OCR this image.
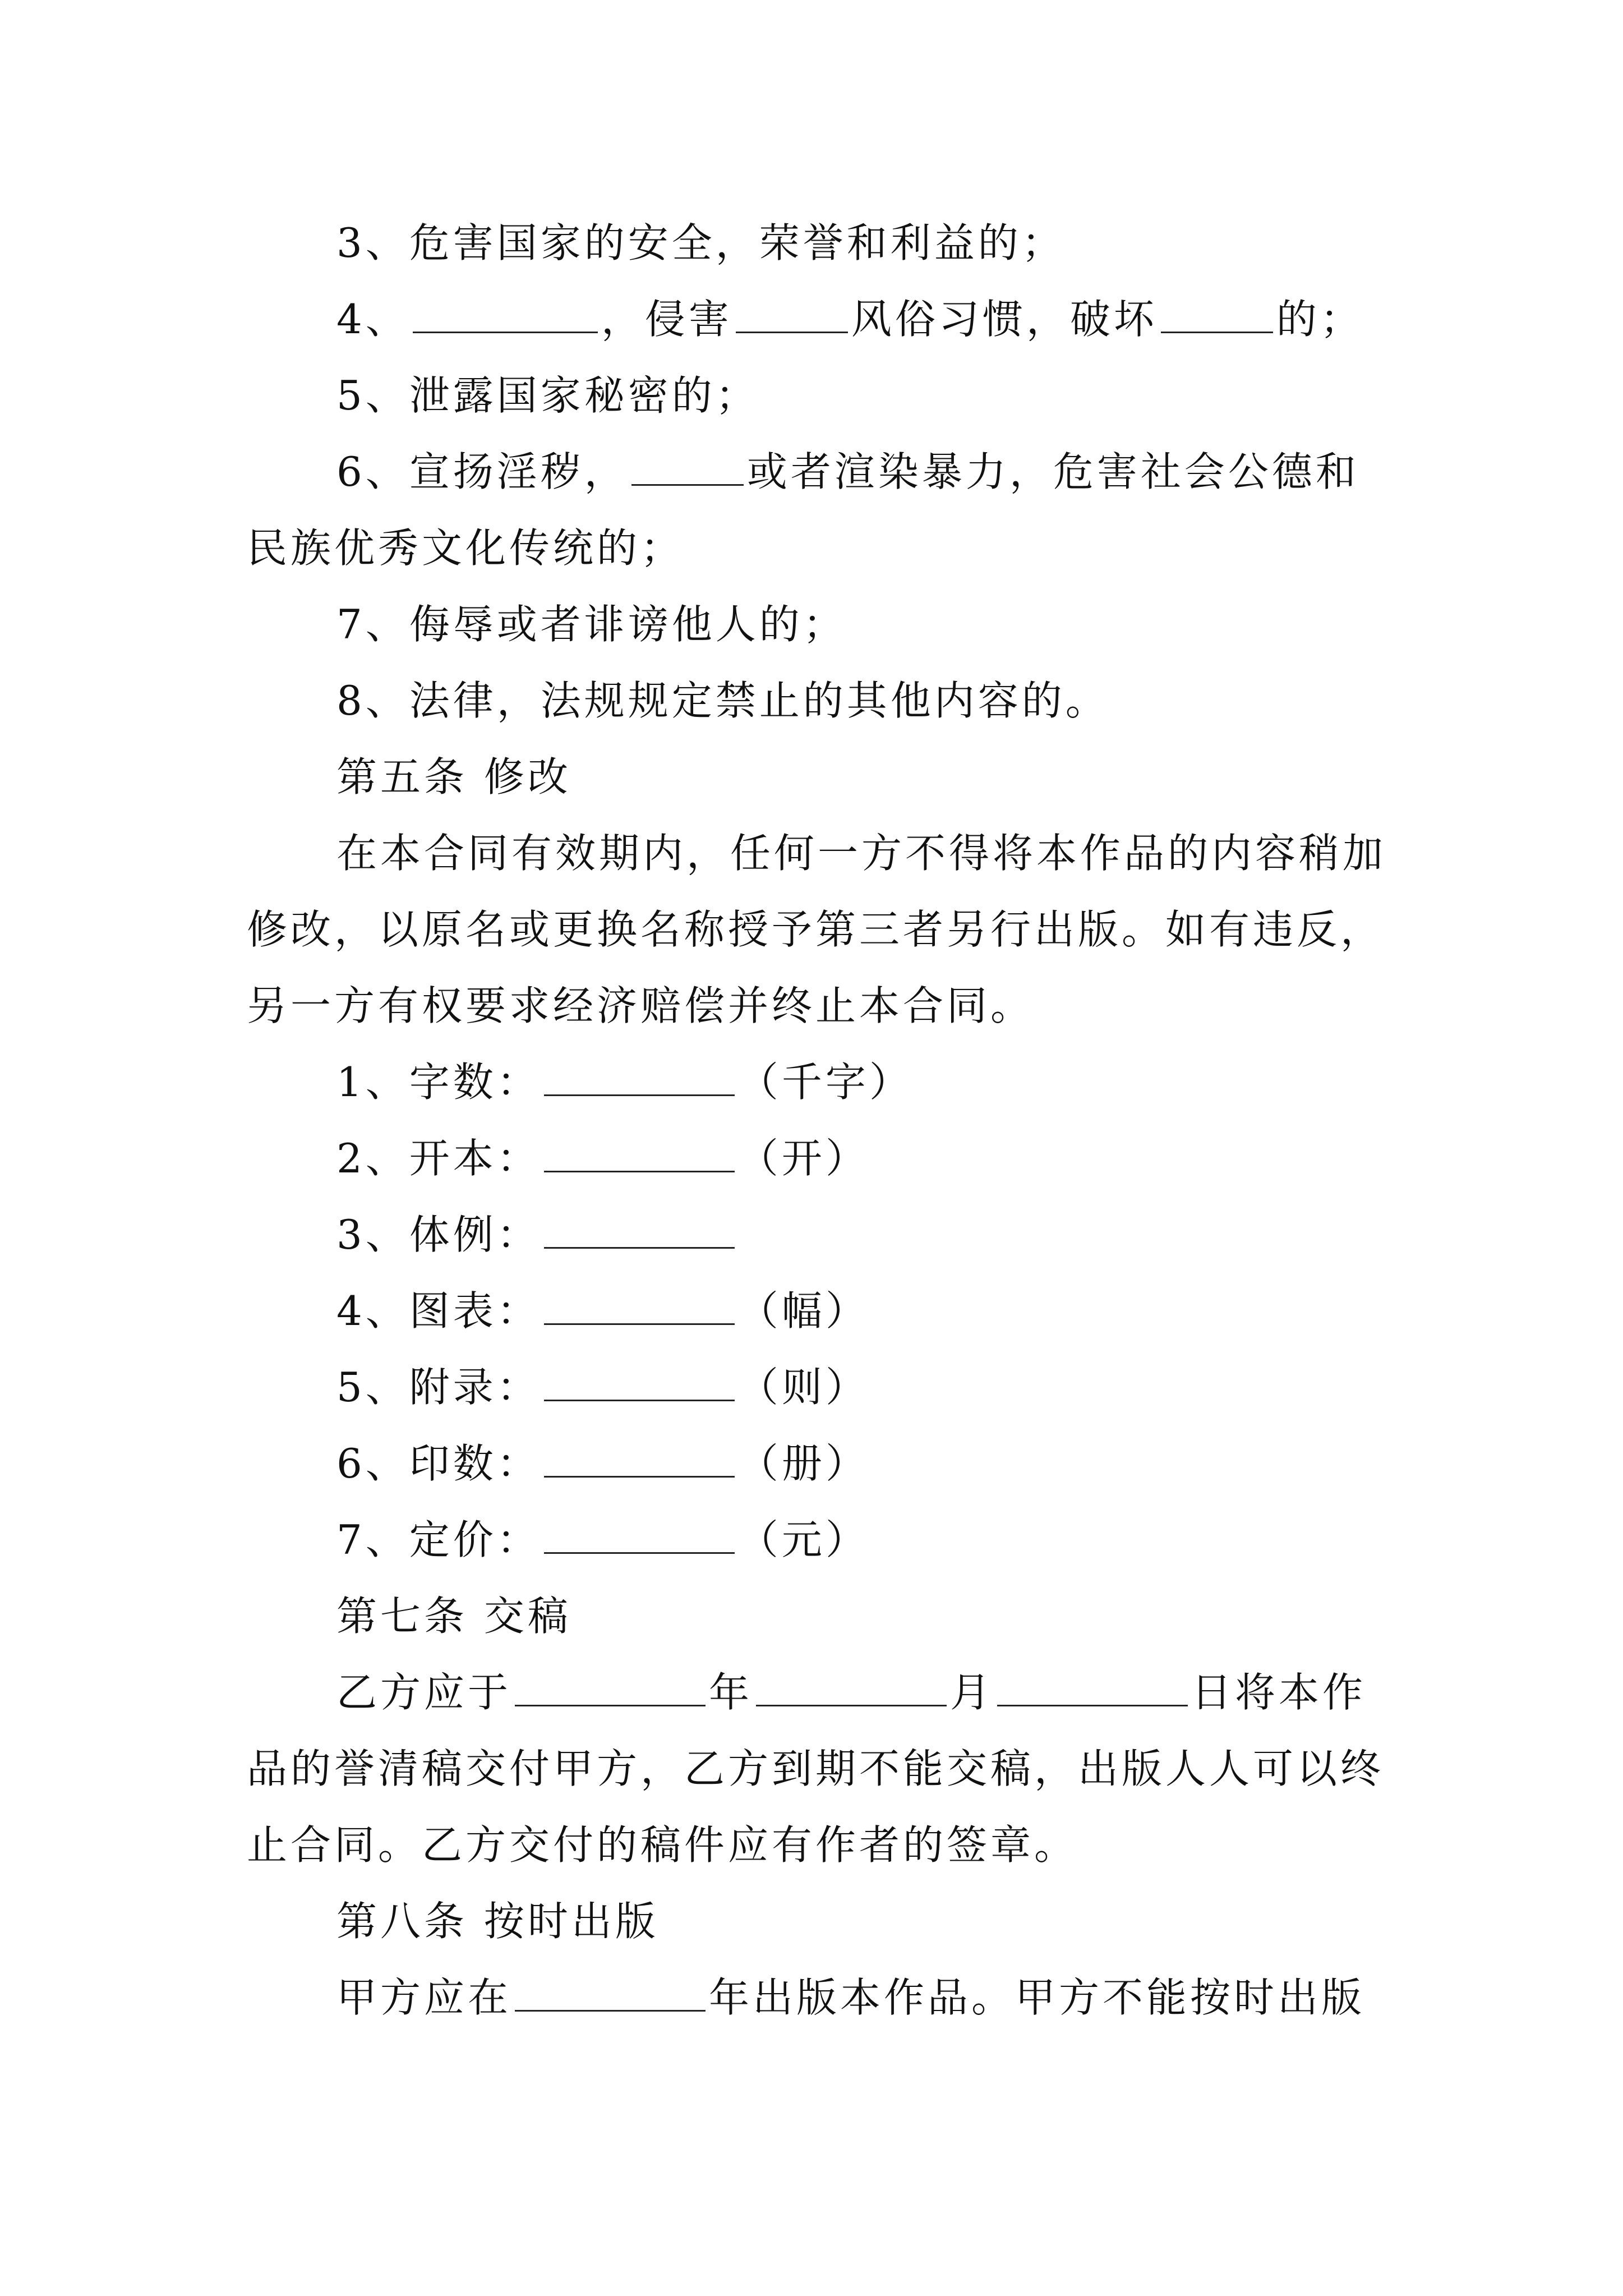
3、危害国家的安全，荣誉和利益的；

4、	，侵害	风俗习惯，破坏	的；

5、泄露国家秘密的；

6、宣扬淫秽，	或者渲染暴力，危害社会公德和民族优秀文化传统的；

7、侮辱或者诽谤他人的；

8、法律，法规规定禁止的其他内容的。

第五条 修改

在本合同有效期内，任何一方不得将本作品的内容稍加修改，以原名或更换名称授予第三者另行出版。如有违反，另一方有权要求经济赔偿并终止本合同。

1、字数：	（千字）

2、开本：	（开）

3、体例：

4、图表：	（幅）

5、附录：	（则）

6、印数：	（册）

7、定价：	（元）

第七条 交稿

乙方应于	年	月	日将本作品的誉清稿交付甲方，乙方到期不能交稿，出版人人可以终止合同。乙方交付的稿件应有作者的签章。

第八条 按时出版

甲方应在	年出版本作品。甲方不能按时出版
